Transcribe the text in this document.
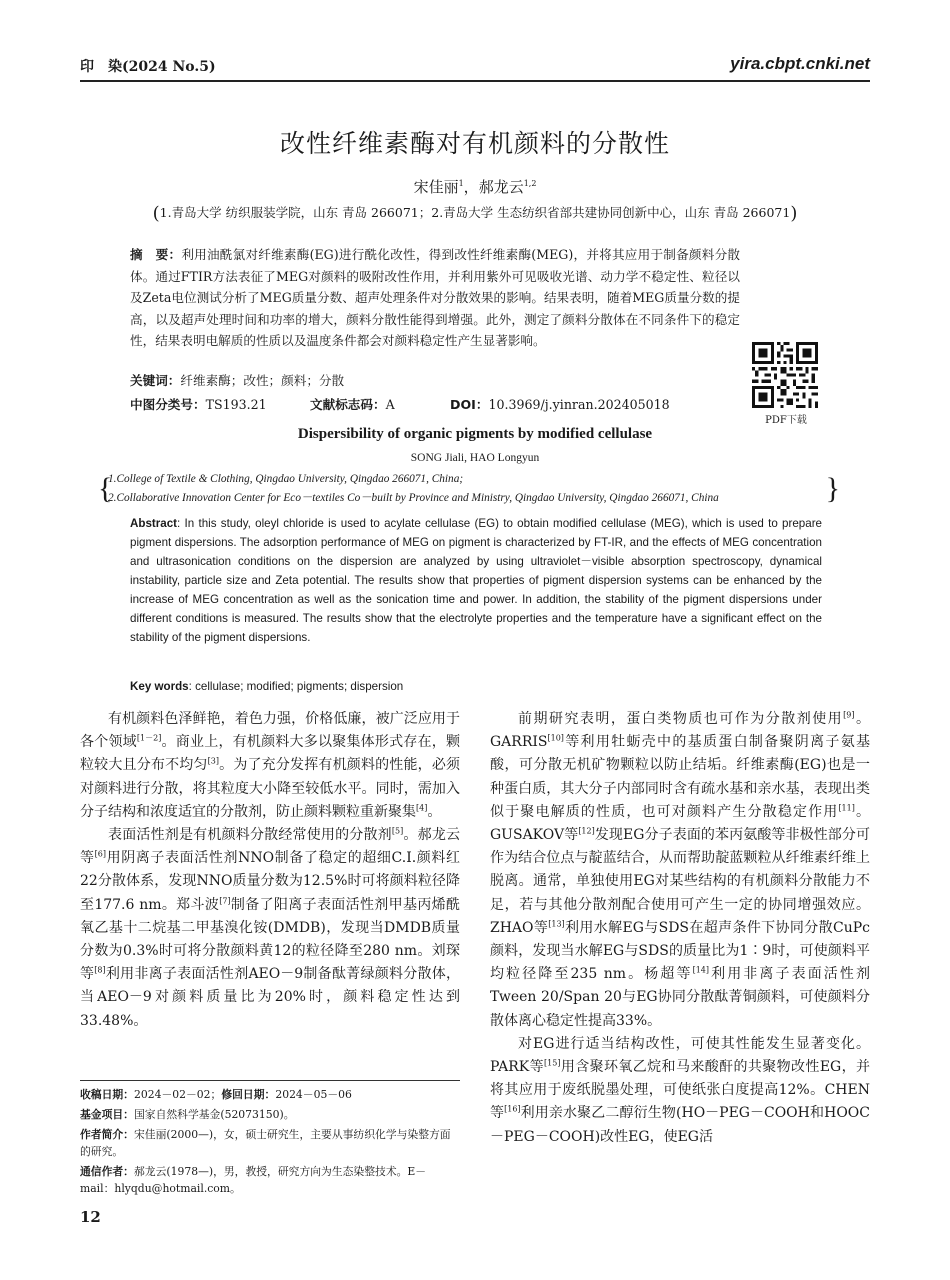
印　染(2024 No.5)	yira.cbpt.cnki.net
改性纤维素酶对有机颜料的分散性
宋佳丽$^1$，郝龙云$^{1,2}$
(1.青岛大学 纺织服装学院，山东 青岛 266071；2.青岛大学 生态纺织省部共建协同创新中心，山东 青岛 266071)
摘　要：利用油酰氯对纤维素酶(EG)进行酰化改性，得到改性纤维素酶(MEG)，并将其应用于制备颜料分散体。通过FTIR方法表征了MEG对颜料的吸附改性作用，并利用紫外可见吸收光谱、动力学不稳定性、粒径以及Zeta电位测试分析了MEG质量分数、超声处理条件对分散效果的影响。结果表明，随着MEG质量分数的提高，以及超声处理时间和功率的增大，颜料分散性能得到增强。此外，测定了颜料分散体在不同条件下的稳定性，结果表明电解质的性质以及温度条件都会对颜料稳定性产生显著影响。
关键词：纤维素酶；改性；颜料；分散
中图分类号：TS193.21	文献标志码：A	DOI：10.3969/j.yinran.202405018
PDF下载
Dispersibility of organic pigments by modified cellulase
SONG Jiali, HAO Longyun
{
1.College of Textile & Clothing, Qingdao University, Qingdao 266071, China;
2.Collaborative Innovation Center for Eco－textiles Co－built by Province and Ministry, Qingdao University, Qingdao 266071, China	}
Abstract: In this study, oleyl chloride is used to acylate cellulase (EG) to obtain modified cellulase (MEG), which is used to prepare pigment dispersions. The adsorption performance of MEG on pigment is characterized by FT-IR, and the effects of MEG concentration and ultrasonication conditions on the dispersion are analyzed by using ultraviolet－visible absorption spectroscopy, dynamical instability, particle size and Zeta potential. The results show that properties of pigment dispersion systems can be enhanced by the increase of MEG concentration as well as the sonication time and power. In addition, the stability of the pigment dispersions under different conditions is measured. The results show that the electrolyte properties and the temperature have a significant effect on the stability of the pigment dispersions.
Key words: cellulase; modified; pigments; dispersion

有机颜料色泽鲜艳，着色力强，价格低廉，被广泛应用于各个领域[1－2]。商业上，有机颜料大多以聚集体形式存在，颗粒较大且分布不均匀[3]。为了充分发挥有机颜料的性能，必须对颜料进行分散，将其粒度大小降至较低水平。同时，需加入分子结构和浓度适宜的分散剂，防止颜料颗粒重新聚集[4]。

表面活性剂是有机颜料分散经常使用的分散剂[5]。郝龙云等[6]用阴离子表面活性剂NNO制备了稳定的超细C.I.颜料红22分散体系，发现NNO质量分数为12.5%时可将颜料粒径降至177.6 nm。郑斗波[7]制备了阳离子表面活性剂甲基丙烯酰氧乙基十二烷基二甲基溴化铵(DMDB)，发现当DMDB质量分数为0.3%时可将分散颜料黄12的粒径降至280 nm。刘琛等[8]利用非离子表面活性剂AEO－9制备酞菁绿颜料分散体，当AEO－9对颜料质量比为20%时，颜料稳定性达到33.48%。

前期研究表明，蛋白类物质也可作为分散剂使用[9]。GARRIS[10]等利用牡蛎壳中的基质蛋白制备聚阴离子氨基酸，可分散无机矿物颗粒以防止结垢。纤维素酶(EG)也是一种蛋白质，其大分子内部同时含有疏水基和亲水基，表现出类似于聚电解质的性质，也可对颜料产生分散稳定作用[11]。GUSAKOV等[12]发现EG分子表面的苯丙氨酸等非极性部分可作为结合位点与靛蓝结合，从而帮助靛蓝颗粒从纤维素纤维上脱离。通常，单独使用EG对某些结构的有机颜料分散能力不足，若与其他分散剂配合使用可产生一定的协同增强效应。ZHAO等[13]利用水解EG与SDS在超声条件下协同分散CuPc颜料，发现当水解EG与SDS的质量比为1∶9时，可使颜料平均粒径降至235 nm。杨超等[14]利用非离子表面活性剂Tween 20/Span 20与EG协同分散酞菁铜颜料，可使颜料分散体离心稳定性提高33%。

对EG进行适当结构改性，可使其性能发生显著变化。PARK等[15]用含聚环氧乙烷和马来酸酐的共聚物改性EG，并将其应用于废纸脱墨处理，可使纸张白度提高12%。CHEN等[16]利用亲水聚乙二醇衍生物(HO－PEG－COOH和HOOC－PEG－COOH)改性EG，使EG活

收稿日期：2024－02－02；修回日期：2024－05－06

基金项目：国家自然科学基金(52073150)。

作者简介：宋佳丽(2000—)，女，硕士研究生，主要从事纺织化学与染整方面的研究。

通信作者：郝龙云(1978—)，男，教授，研究方向为生态染整技术。E－mail：hlyqdu@hotmail.com。

12
